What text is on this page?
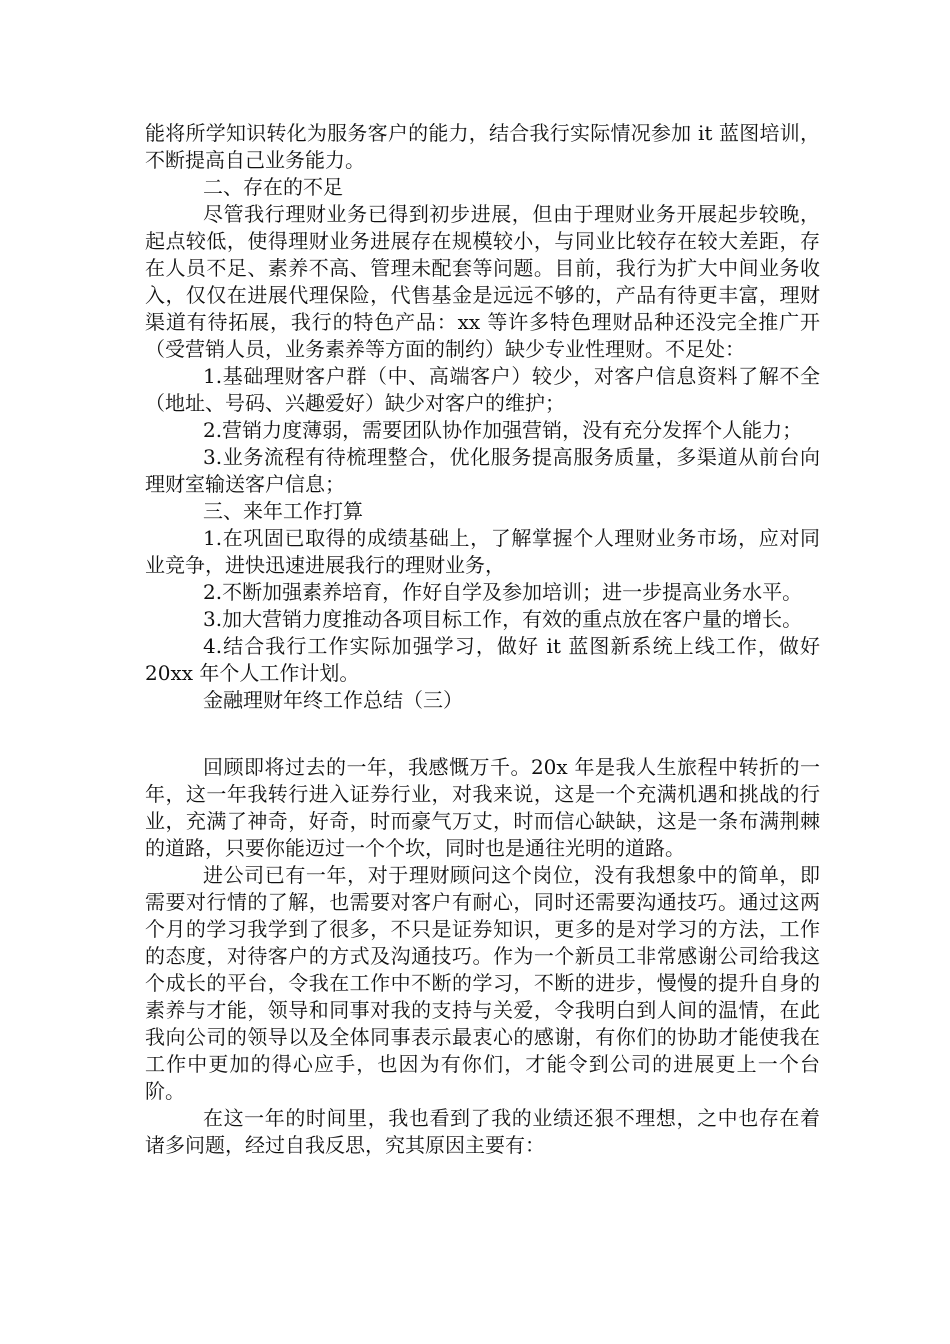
能将所学知识转化为服务客户的能力，结合我行实际情况参加 it 蓝图培训，不断提高自己业务能力。

二、存在的不足

尽管我行理财业务已得到初步进展，但由于理财业务开展起步较晚，起点较低，使得理财业务进展存在规模较小，与同业比较存在较大差距，存在人员不足、素养不高、管理未配套等问题。目前，我行为扩大中间业务收入，仅仅在进展代理保险，代售基金是远远不够的，产品有待更丰富，理财渠道有待拓展，我行的特色产品：xx 等许多特色理财品种还没完全推广开（受营销人员，业务素养等方面的制约）缺少专业性理财。不足处：

1.基础理财客户群（中、高端客户）较少，对客户信息资料了解不全（地址、号码、兴趣爱好）缺少对客户的维护；

2.营销力度薄弱，需要团队协作加强营销，没有充分发挥个人能力；

3.业务流程有待梳理整合，优化服务提高服务质量，多渠道从前台向理财室输送客户信息；

三、来年工作打算

1.在巩固已取得的成绩基础上，了解掌握个人理财业务市场，应对同业竞争，进快迅速进展我行的理财业务，

2.不断加强素养培育，作好自学及参加培训；进一步提高业务水平。

3.加大营销力度推动各项目标工作，有效的重点放在客户量的增长。

4.结合我行工作实际加强学习，做好 it 蓝图新系统上线工作，做好 20xx 年个人工作计划。

金融理财年终工作总结（三）

回顾即将过去的一年，我感慨万千。20x 年是我人生旅程中转折的一年，这一年我转行进入证券行业，对我来说，这是一个充满机遇和挑战的行业，充满了神奇，好奇，时而豪气万丈，时而信心缺缺，这是一条布满荆棘的道路，只要你能迈过一个个坎，同时也是通往光明的道路。

进公司已有一年，对于理财顾问这个岗位，没有我想象中的简单，即需要对行情的了解，也需要对客户有耐心，同时还需要沟通技巧。通过这两个月的学习我学到了很多，不只是证券知识，更多的是对学习的方法，工作的态度，对待客户的方式及沟通技巧。作为一个新员工非常感谢公司给我这个成长的平台，令我在工作中不断的学习，不断的进步，慢慢的提升自身的素养与才能，领导和同事对我的支持与关爱，令我明白到人间的温情，在此我向公司的领导以及全体同事表示最衷心的感谢，有你们的协助才能使我在工作中更加的得心应手，也因为有你们，才能令到公司的进展更上一个台阶。

在这一年的时间里，我也看到了我的业绩还狠不理想，之中也存在着诸多问题，经过自我反思，究其原因主要有：
